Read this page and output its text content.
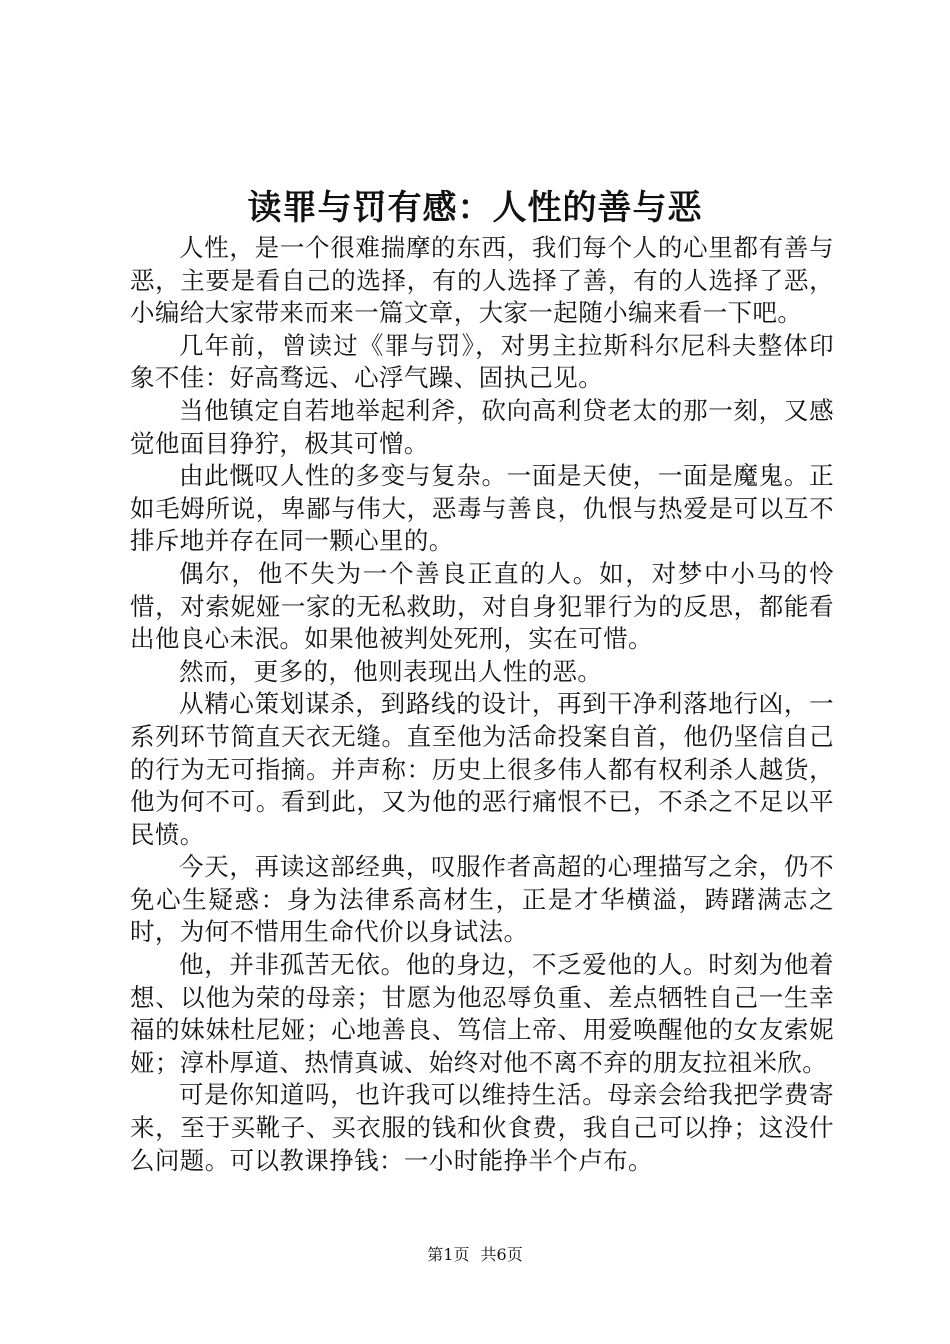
读罪与罚有感：人性的善与恶

人性，是一个很难揣摩的东西，我们每个人的心里都有善与恶，主要是看自己的选择，有的人选择了善，有的人选择了恶，小编给大家带来而来一篇文章，大家一起随小编来看一下吧。

几年前，曾读过《罪与罚》，对男主拉斯科尔尼科夫整体印象不佳：好高骛远、心浮气躁、固执己见。

当他镇定自若地举起利斧，砍向高利贷老太的那一刻，又感觉他面目狰狞，极其可憎。

由此慨叹人性的多变与复杂。一面是天使，一面是魔鬼。正如毛姆所说，卑鄙与伟大，恶毒与善良，仇恨与热爱是可以互不排斥地并存在同一颗心里的。

偶尔，他不失为一个善良正直的人。如，对梦中小马的怜惜，对索妮娅一家的无私救助，对自身犯罪行为的反思，都能看出他良心未泯。如果他被判处死刑，实在可惜。

然而，更多的，他则表现出人性的恶。

从精心策划谋杀，到路线的设计，再到干净利落地行凶，一系列环节简直天衣无缝。直至他为活命投案自首，他仍坚信自己的行为无可指摘。并声称：历史上很多伟人都有权利杀人越货，他为何不可。看到此，又为他的恶行痛恨不已，不杀之不足以平民愤。

今天，再读这部经典，叹服作者高超的心理描写之余，仍不免心生疑惑：身为法律系高材生，正是才华横溢，踌躇满志之时，为何不惜用生命代价以身试法。

他，并非孤苦无依。他的身边，不乏爱他的人。时刻为他着想、以他为荣的母亲；甘愿为他忍辱负重、差点牺牲自己一生幸福的妹妹杜尼娅；心地善良、笃信上帝、用爱唤醒他的女友索妮娅；淳朴厚道、热情真诚、始终对他不离不弃的朋友拉祖米欣。

可是你知道吗，也许我可以维持生活。母亲会给我把学费寄来，至于买靴子、买衣服的钱和伙食费，我自己可以挣；这没什么问题。可以教课挣钱：一小时能挣半个卢布。

第1页 共6页
